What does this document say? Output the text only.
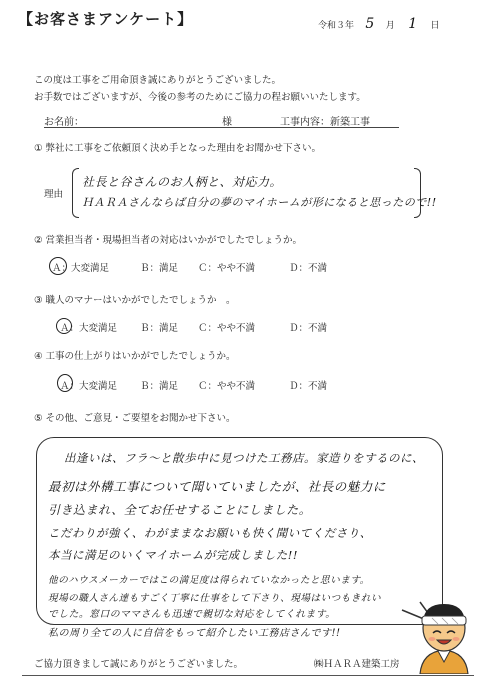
【お客さまアンケート】	令和３年 5 月 1 日
この度は工事をご用命頂き誠にありがとうございました。
お手数ではございますが、今後の参考のためにご協力の程お願いいたします。
お名前：	様	工事内容：新築工事
① 弊社に工事をご依頼頂く決め手となった理由をお聞かせ下さい。
理由
社長と谷さんのお人柄と、対応力。
ＨＡＲＡさんならば自分の夢のマイホームが形になると思ったので!!
② 営業担当者・現場担当者の対応はいかがでしたでしょうか。
Ａ：大変満足	Ｂ：満足 Ｃ：やや不満	Ｄ：不満
③ 職人のマナーはいかがでしたでしょうか　。
Ａ：大変満足 Ｂ：満足 Ｃ：やや不満	Ｄ：不満
④ 工事の仕上がりはいかがでしたでしょうか。
Ａ：大変満足 Ｂ：満足 Ｃ：やや不満	Ｄ：不満
⑤ その他、ご意見・ご要望をお聞かせ下さい。
出逢いは、フラ～と散歩中に見つけた工務店。家造りをするのに、
最初は外構工事について聞いていましたが、社長の魅力に
引き込まれ、全てお任せすることにしました。
こだわりが強く、わがままなお願いも快く聞いてくださり、
本当に満足のいくマイホームが完成しました!!
他のハウスメーカーではこの満足度は得られていなかったと思います。
現場の職人さん達もすごく丁寧に仕事をして下さり、現場はいつもきれい
でした。窓口のママさんも迅速で親切な対応をしてくれます。
私の周り全ての人に自信をもって紹介したい工務店さんです!!
ご協力頂きまして誠にありがとうございました。	㈱ＨＡＲＡ建築工房
